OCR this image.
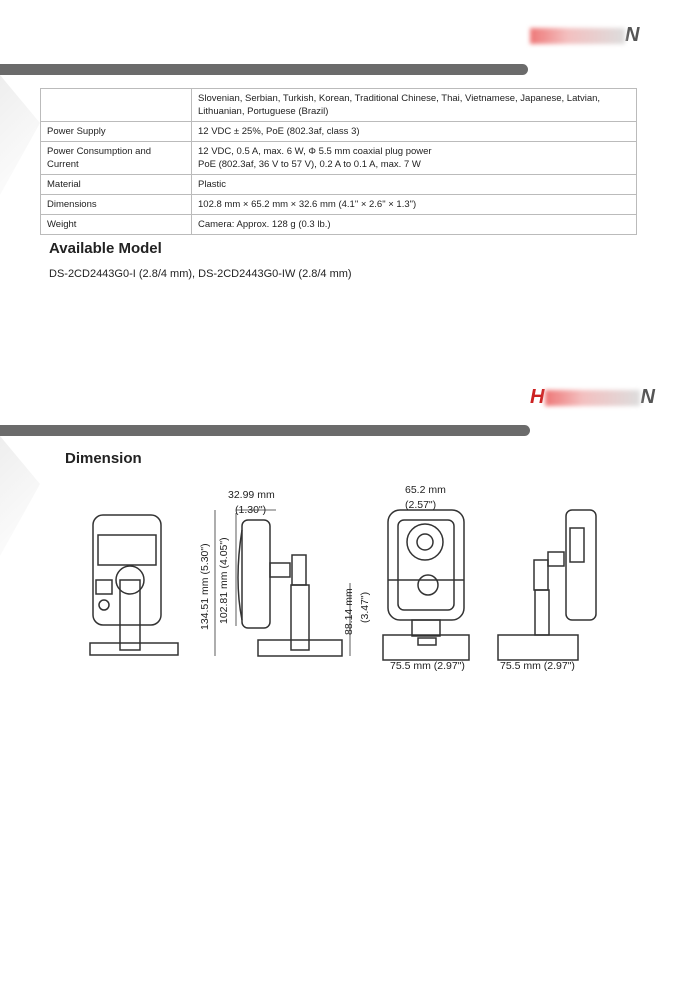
N
	Slovenian, Serbian, Turkish, Korean, Traditional Chinese, Thai, Vietnamese, Japanese, Latvian, Lithuanian, Portuguese (Brazil)
Power Supply	12 VDC ± 25%, PoE (802.3af, class 3)
Power Consumption and Current	12 VDC, 0.5 A, max. 6 W, Φ 5.5 mm coaxial plug power
PoE (802.3af, 36 V to 57 V), 0.2 A to 0.1 A, max. 7 W

Material	Plastic
Dimensions	102.8 mm × 65.2 mm × 32.6 mm (4.1" × 2.6" × 1.3")
Weight	Camera: Approx. 128 g (0.3 lb.)
Available Model
DS-2CD2443G0-I (2.8/4 mm), DS-2CD2443G0-IW (2.8/4 mm)
H	N
Dimension
32.99 mm
(1.30")
134.51 mm (5.30") 102.81 mm (4.05")	88.14 mm (3.47")
65.2 mm
(2.57")
75.5 mm (2.97")	75.5 mm (2.97")
